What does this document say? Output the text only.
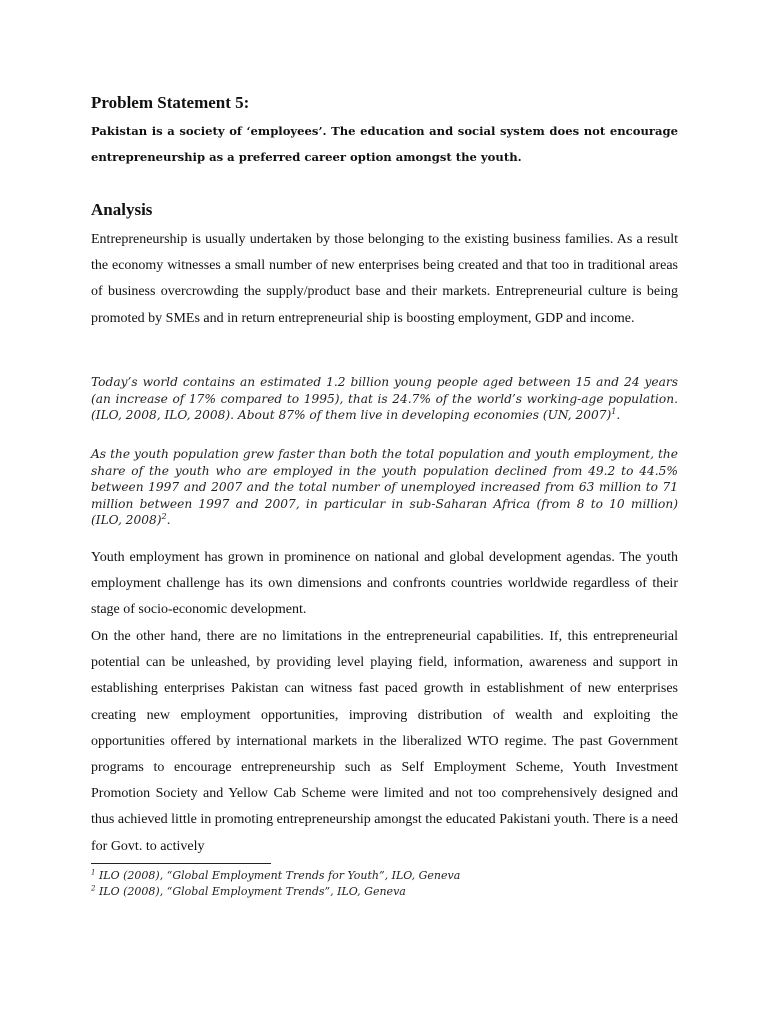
Problem Statement 5:

Pakistan is a society of ‘employees’. The education and social system does not encourage entrepreneurship as a preferred career option amongst the youth.

Analysis

Entrepreneurship is usually undertaken by those belonging to the existing business families. As a result the economy witnesses a small number of new enterprises being created and that too in traditional areas of business overcrowding the supply/product base and their markets. Entrepreneurial culture is being promoted by SMEs and in return entrepreneurial ship is boosting employment, GDP and income.

Today’s world contains an estimated 1.2 billion young people aged between 15 and 24 years (an increase of 17% compared to 1995), that is 24.7% of the world’s working-age population. (ILO, 2008, ILO, 2008). About 87% of them live in developing economies (UN, 2007)$^1$.

As the youth population grew faster than both the total population and youth employment, the share of the youth who are employed in the youth population declined from 49.2 to 44.5% between 1997 and 2007 and the total number of unemployed increased from 63 million to 71 million between 1997 and 2007, in particular in sub-Saharan Africa (from 8 to 10 million) (ILO, 2008)$^2$.

Youth employment has grown in prominence on national and global development agendas. The youth employment challenge has its own dimensions and confronts countries worldwide regardless of their stage of socio-economic development.

On the other hand, there are no limitations in the entrepreneurial capabilities. If, this entrepreneurial potential can be unleashed, by providing level playing field, information, awareness and support in establishing enterprises Pakistan can witness fast paced growth in establishment of new enterprises creating new employment opportunities, improving distribution of wealth and exploiting the opportunities offered by international markets in the liberalized WTO regime. The past Government programs to encourage entrepreneurship such as Self Employment Scheme, Youth Investment Promotion Society and Yellow Cab Scheme were limited and not too comprehensively designed and thus achieved little in promoting entrepreneurship amongst the educated Pakistani youth. There is a need for Govt. to actively

$^1$ ILO (2008), “Global Employment Trends for Youth”, ILO, Geneva
$^2$ ILO (2008), “Global Employment Trends”, ILO, Geneva
